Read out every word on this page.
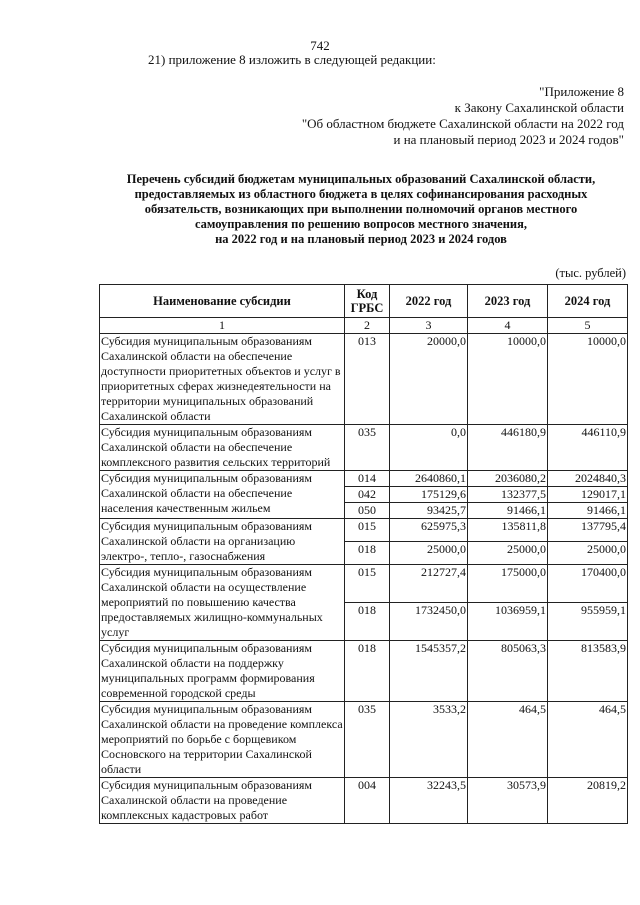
742
21) приложение 8 изложить в следующей редакции:
"Приложение 8
к Закону Сахалинской области
"Об областном бюджете Сахалинской области на 2022 год
и на плановый период 2023 и 2024 годов"
Перечень субсидий бюджетам муниципальных образований Сахалинской области,
предоставляемых из областного бюджета в целях софинансирования расходных
обязательств, возникающих при выполнении полномочий органов местного
самоуправления по решению вопросов местного значения,
на 2022 год и на плановый период 2023 и 2024 годов
(тыс. рублей)
Наименование субсидии	Код ГРБС	2022 год	2023 год	2024 год
1	2	3	4	5
Субсидия муниципальным образованиям Сахалинской области на обеспечение доступности приоритетных объектов и услуг в приоритетных сферах жизнедеятельности на территории муниципальных образований Сахалинской области	013	20000,0	10000,0	10000,0
Субсидия муниципальным образованиям Сахалинской области на обеспечение комплексного развития сельских территорий	035	0,0	446180,9	446110,9
Субсидия муниципальным образованиям Сахалинской области на обеспечение населения качественным жильем	014	2640860,1	2036080,2	2024840,3
	042	175129,6	132377,5	129017,1
	050	93425,7	91466,1	91466,1
Субсидия муниципальным образованиям Сахалинской области на организацию электро-, тепло-, газоснабжения	015	625975,3	135811,8	137795,4
	018	25000,0	25000,0	25000,0
Субсидия муниципальным образованиям Сахалинской области на осуществление мероприятий по повышению качества предоставляемых жилищно-коммунальных услуг	015	212727,4	175000,0	170400,0
	018	1732450,0	1036959,1	955959,1
Субсидия муниципальным образованиям Сахалинской области на поддержку муниципальных программ формирования современной городской среды	018	1545357,2	805063,3	813583,9
Субсидия муниципальным образованиям Сахалинской области на проведение комплекса мероприятий по борьбе с борщевиком Сосновского на территории Сахалинской области	035	3533,2	464,5	464,5
Субсидия муниципальным образованиям Сахалинской области на проведение комплексных кадастровых работ	004	32243,5	30573,9	20819,2
